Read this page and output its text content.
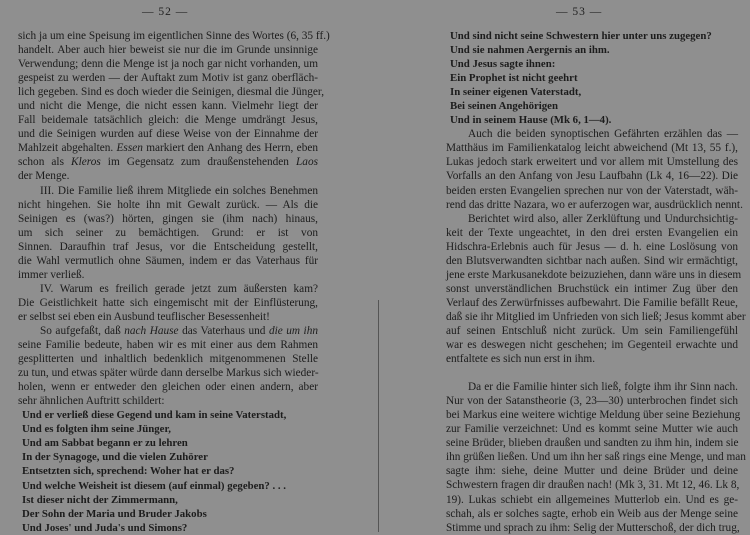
— 52 —
sich ja um eine Speisung im eigentlichen Sinne des Wortes (6, 35 ff.)
handelt. Aber auch hier beweist sie nur die im Grunde unsinnige
Verwendung; denn die Menge ist ja noch gar nicht vorhanden, um
gespeist zu werden — der Auftakt zum Motiv ist ganz oberfläch-
lich gegeben. Sind es doch wieder die Seinigen, diesmal die Jünger,
und nicht die Menge, die nicht essen kann. Vielmehr liegt der
Fall beidemale tatsächlich gleich: die Menge umdrängt Jesus,
und die Seinigen wurden auf diese Weise von der Einnahme der
Mahlzeit abgehalten. Essen markiert den Anhang des Herrn, eben
schon als Kleros im Gegensatz zum draußenstehenden Laos
der Menge.
III. Die Familie ließ ihrem Mitgliede ein solches Benehmen
nicht hingehen. Sie holte ihn mit Gewalt zurück. — Als die
Seinigen es (was?) hörten, gingen sie (ihm nach) hinaus,
um sich seiner zu bemächtigen. Grund: er ist von
Sinnen. Daraufhin traf Jesus, vor die Entscheidung gestellt,
die Wahl vermutlich ohne Säumen, indem er das Vaterhaus für
immer verließ.
IV. Warum es freilich gerade jetzt zum äußersten kam?
Die Geistlichkeit hatte sich eingemischt mit der Einflüsterung,
er selbst sei eben ein Ausbund teuflischer Besessenheit!
So aufgefaßt, daß nach Hause das Vaterhaus und die um ihn
seine Familie bedeute, haben wir es mit einer aus dem Rahmen
gesplitterten und inhaltlich bedenklich mitgenommenen Stelle
zu tun, und etwas später würde dann derselbe Markus sich wieder-
holen, wenn er entweder den gleichen oder einen andern, aber
sehr ähnlichen Auftritt schildert:
Und er verließ diese Gegend und kam in seine Vaterstadt,
Und es folgten ihm seine Jünger,
Und am Sabbat begann er zu lehren
In der Synagoge, und die vielen Zuhörer
Entsetzten sich, sprechend: Woher hat er das?
Und welche Weisheit ist diesem (auf einmal) gegeben? . . .
Ist dieser nicht der Zimmermann,
Der Sohn der Maria und Bruder Jakobs
Und Joses' und Juda's und Simons?
— 53 —
Und sind nicht seine Schwestern hier unter uns zugegen?
Und sie nahmen Aergernis an ihm.
Und Jesus sagte ihnen:
Ein Prophet ist nicht geehrt
In seiner eigenen Vaterstadt,
Bei seinen Angehörigen
Und in seinem Hause (Mk 6, 1—4).
Auch die beiden synoptischen Gefährten erzählen das —
Matthäus im Familienkatalog leicht abweichend (Mt 13, 55 f.),
Lukas jedoch stark erweitert und vor allem mit Umstellung des
Vorfalls an den Anfang von Jesu Laufbahn (Lk 4, 16—22). Die
beiden ersten Evangelien sprechen nur von der Vaterstadt, wäh-
rend das dritte Nazara, wo er auferzogen war, ausdrücklich nennt.
Berichtet wird also, aller Zerklüftung und Undurchsichtig-
keit der Texte ungeachtet, in den drei ersten Evangelien ein
Hidschra-Erlebnis auch für Jesus — d. h. eine Loslösung von
den Blutsverwandten sichtbar nach außen. Sind wir ermächtigt,
jene erste Markusanekdote beizuziehen, dann wäre uns in diesem
sonst unverständlichen Bruchstück ein intimer Zug über den
Verlauf des Zerwürfnisses aufbewahrt. Die Familie befällt Reue,
daß sie ihr Mitglied im Unfrieden von sich ließ; Jesus kommt aber
auf seinen Entschluß nicht zurück. Um sein Familiengefühl
war es deswegen nicht geschehen; im Gegenteil erwachte und
entfaltete es sich nun erst in ihm.
Da er die Familie hinter sich ließ, folgte ihm ihr Sinn nach.
Nur von der Satanstheorie (3, 23—30) unterbrochen findet sich
bei Markus eine weitere wichtige Meldung über seine Beziehung
zur Familie verzeichnet: Und es kommt seine Mutter wie auch
seine Brüder, blieben draußen und sandten zu ihm hin, indem sie
ihn grüßen ließen. Und um ihn her saß rings eine Menge, und man
sagte ihm: siehe, deine Mutter und deine Brüder und deine
Schwestern fragen dir draußen nach! (Mk 3, 31. Mt 12, 46. Lk 8,
19). Lukas schiebt ein allgemeines Mutterlob ein. Und es ge-
schah, als er solches sagte, erhob ein Weib aus der Menge seine
Stimme und sprach zu ihm: Selig der Mutterschoß, der dich trug,
